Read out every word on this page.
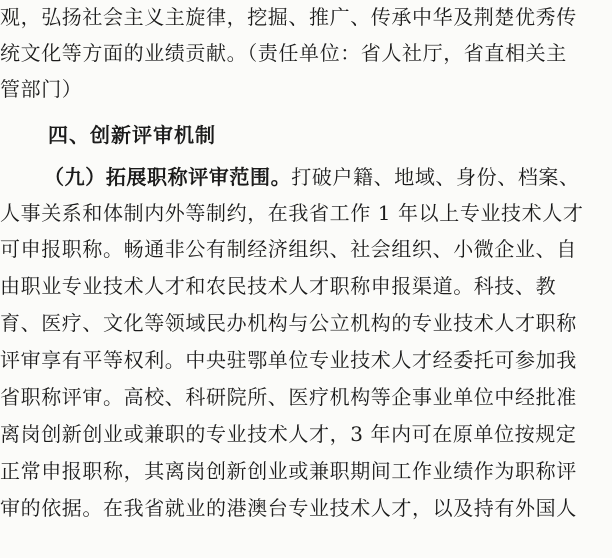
观，弘扬社会主义主旋律，挖掘、推广、传承中华及荆楚优秀传
统文化等方面的业绩贡献。（责任单位：省人社厅，省直相关主
管部门）
四、创新评审机制
（九）拓展职称评审范围。打破户籍、地域、身份、档案、
人事关系和体制内外等制约，在我省工作 1 年以上专业技术人才
可申报职称。畅通非公有制经济组织、社会组织、小微企业、自
由职业专业技术人才和农民技术人才职称申报渠道。科技、教
育、医疗、文化等领域民办机构与公立机构的专业技术人才职称
评审享有平等权利。中央驻鄂单位专业技术人才经委托可参加我
省职称评审。高校、科研院所、医疗机构等企事业单位中经批准
离岗创新创业或兼职的专业技术人才，3 年内可在原单位按规定
正常申报职称，其离岗创新创业或兼职期间工作业绩作为职称评
审的依据。在我省就业的港澳台专业技术人才，以及持有外国人
